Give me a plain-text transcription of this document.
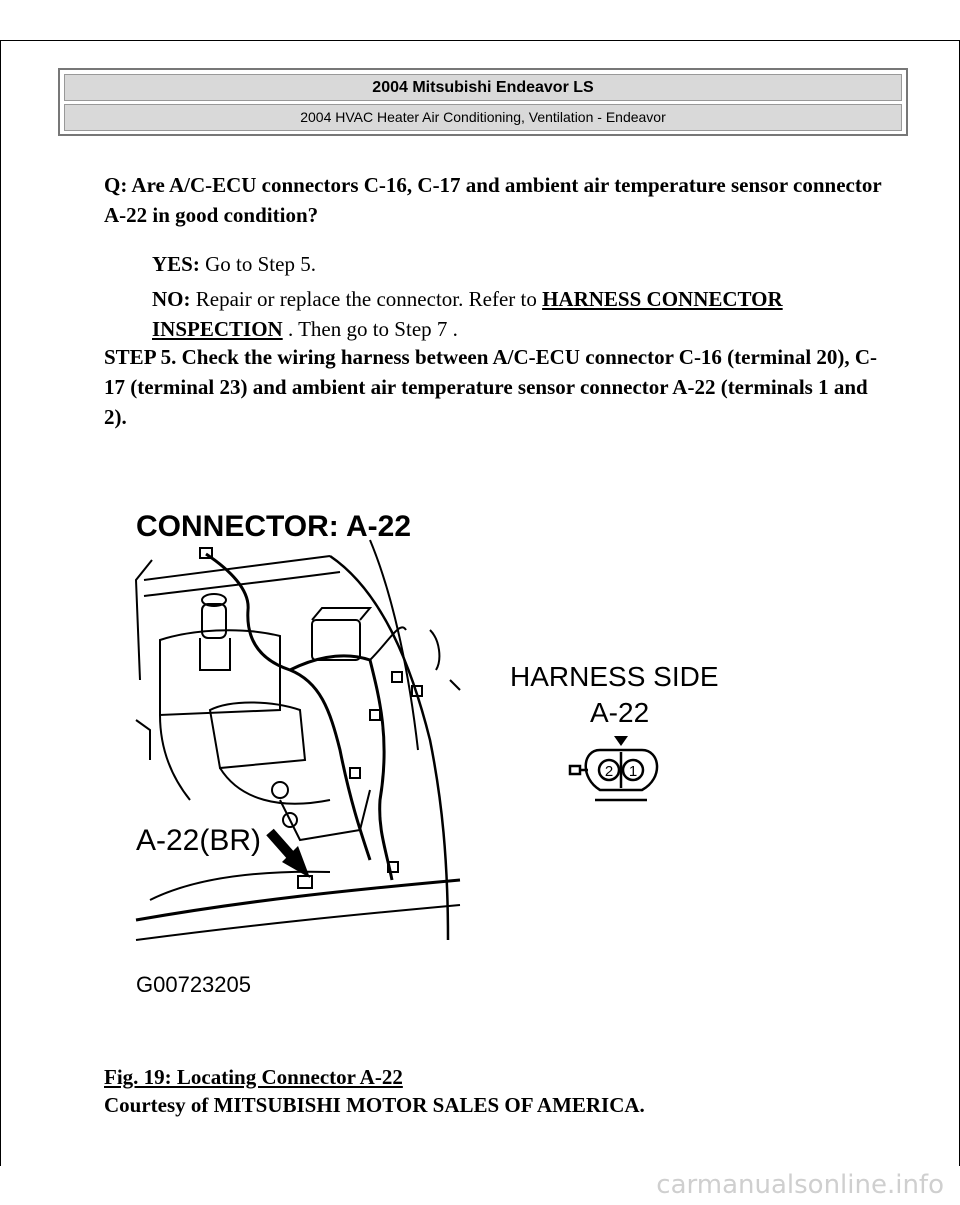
2004 Mitsubishi Endeavor LS
2004 HVAC Heater Air Conditioning, Ventilation - Endeavor
Q: Are A/C-ECU connectors C-16, C-17 and ambient air temperature sensor connector A-22 in good condition?
YES: Go to Step 5.
NO: Repair or replace the connector. Refer to HARNESS CONNECTOR INSPECTION . Then go to Step 7 .
STEP 5. Check the wiring harness between A/C-ECU connector C-16 (terminal 20), C-17 (terminal 23) and ambient air temperature sensor connector A-22 (terminals 1 and 2).
CONNECTOR: A-22
HARNESS SIDE
A-22
A-22(BR)
G00723205
2 1
Fig. 19: Locating Connector A-22
Courtesy of MITSUBISHI MOTOR SALES OF AMERICA.
carmanualsonline.info
